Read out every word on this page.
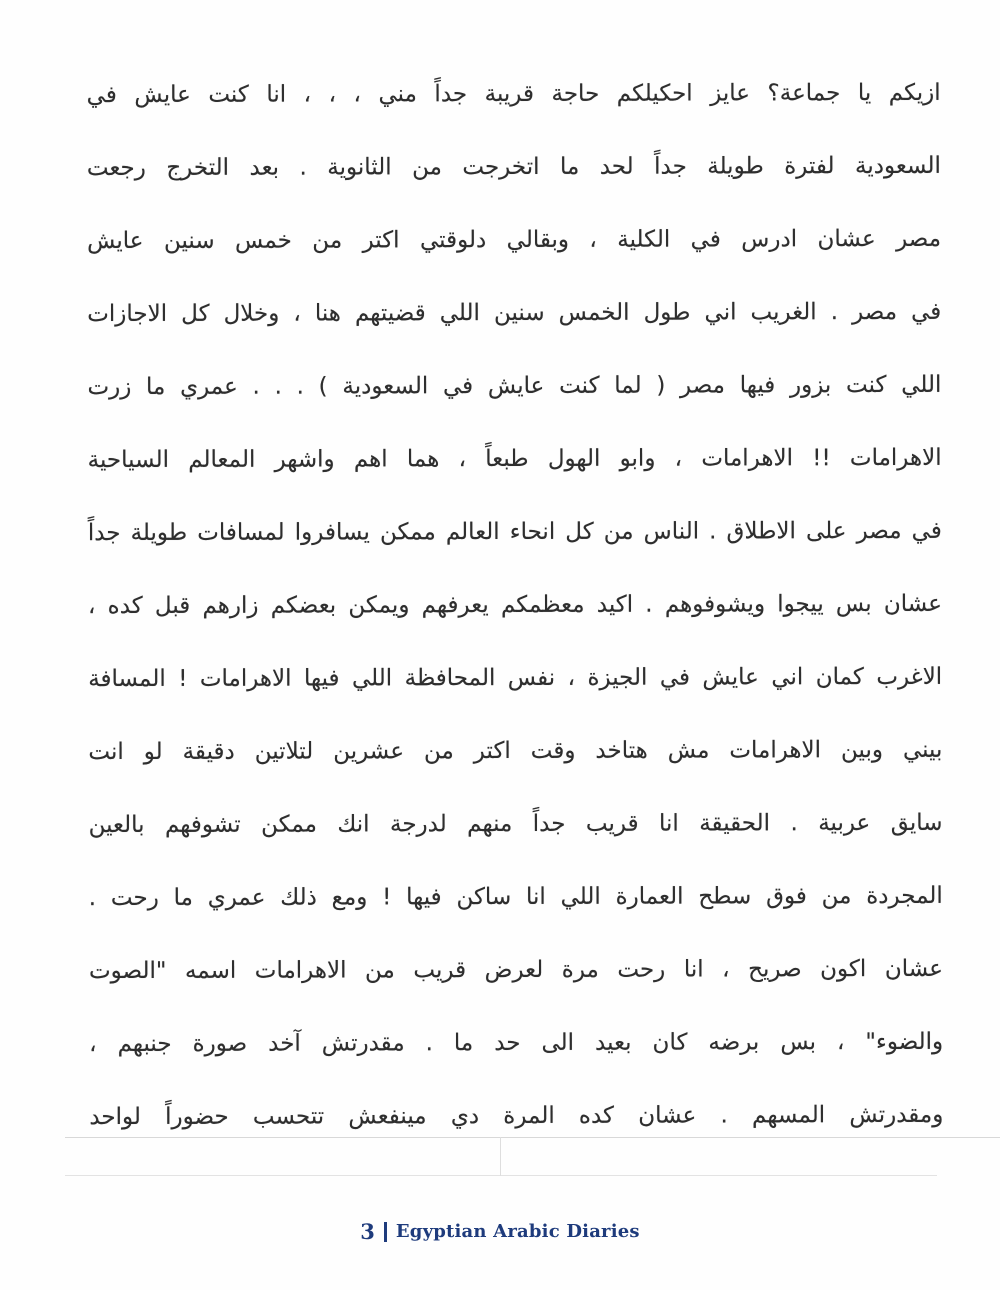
ازيكم يا جماعة؟ عايز احكيلكم حاجة قريبة جداً مني ، ، ، انا كنت عايش في
السعودية لفترة طويلة جداً لحد ما اتخرجت من الثانوية . بعد التخرج رجعت
مصر عشان ادرس في الكلية ، وبقالي دلوقتي اكتر من خمس سنين عايش
في مصر . الغريب اني طول الخمس سنين اللي قضيتهم هنا ، وخلال كل الاجازات
اللي كنت بزور فيها مصر ( لما كنت عايش في السعودية ) . . . عمري ما زرت
الاهرامات !! الاهرامات ، وابو الهول طبعاً ، هما اهم واشهر المعالم السياحية
في مصر على الاطلاق . الناس من كل انحاء العالم ممكن يسافروا لمسافات طويلة جداً
عشان بس ييجوا ويشوفوهم . اكيد معظمكم يعرفهم ويمكن بعضكم زارهم قبل كده ،
الاغرب كمان اني عايش في الجيزة ، نفس المحافظة اللي فيها الاهرامات ! المسافة
بيني وبين الاهرامات مش هتاخد وقت اكتر من عشرين لتلاتين دقيقة لو انت
سايق عربية . الحقيقة انا قريب جداً منهم لدرجة انك ممكن تشوفهم بالعين
المجردة من فوق سطح العمارة اللي انا ساكن فيها ! ومع ذلك عمري ما رحت .
عشان اكون صريح ، انا رحت مرة لعرض قريب من الاهرامات اسمه "الصوت
والضوء" ، بس برضه كان بعيد الى حد ما . مقدرتش آخد صورة جنبهم ،
ومقدرتش المسهم . عشان كده المرة دي مينفعش تتحسب حضوراً لواحد
3 Egyptian Arabic Diaries
